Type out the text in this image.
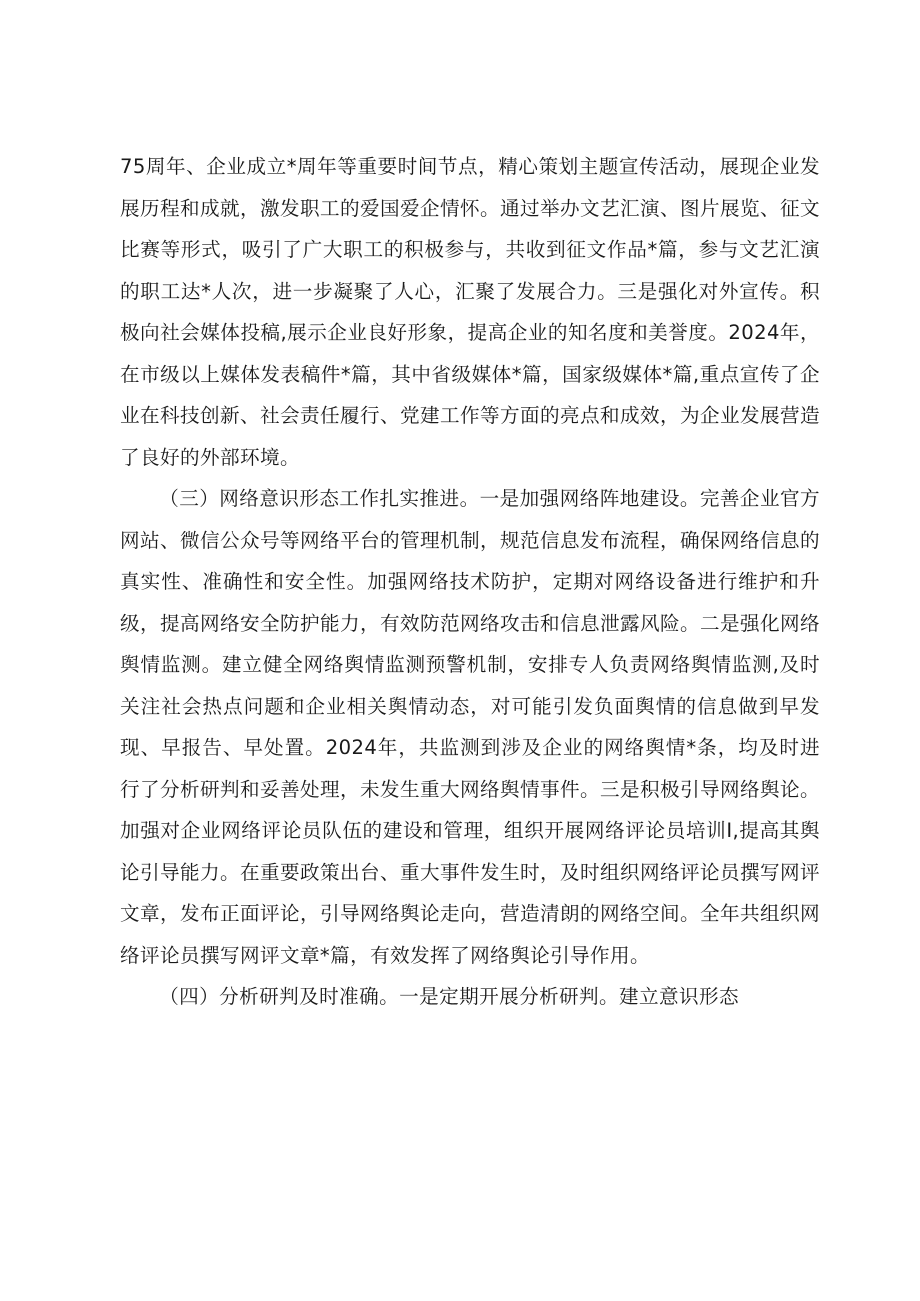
75周年、企业成立*周年等重要时间节点，精心策划主题宣传活动，展现企业发展历程和成就，激发职工的爱国爱企情怀。通过举办文艺汇演、图片展览、征文比赛等形式，吸引了广大职工的积极参与，共收到征文作品*篇，参与文艺汇演的职工达*人次，进一步凝聚了人心，汇聚了发展合力。三是强化对外宣传。积极向社会媒体投稿,展示企业良好形象，提高企业的知名度和美誉度。2024年，在市级以上媒体发表稿件*篇，其中省级媒体*篇，国家级媒体*篇,重点宣传了企业在科技创新、社会责任履行、党建工作等方面的亮点和成效，为企业发展营造了良好的外部环境。

（三）网络意识形态工作扎实推进。一是加强网络阵地建设。完善企业官方网站、微信公众号等网络平台的管理机制，规范信息发布流程，确保网络信息的真实性、准确性和安全性。加强网络技术防护，定期对网络设备进行维护和升级，提高网络安全防护能力，有效防范网络攻击和信息泄露风险。二是强化网络舆情监测。建立健全网络舆情监测预警机制，安排专人负责网络舆情监测,及时关注社会热点问题和企业相关舆情动态，对可能引发负面舆情的信息做到早发现、早报告、早处置。2024年，共监测到涉及企业的网络舆情*条，均及时进行了分析研判和妥善处理，未发生重大网络舆情事件。三是积极引导网络舆论。加强对企业网络评论员队伍的建设和管理，组织开展网络评论员培训I,提高其舆论引导能力。在重要政策出台、重大事件发生时，及时组织网络评论员撰写网评文章，发布正面评论，引导网络舆论走向，营造清朗的网络空间。全年共组织网络评论员撰写网评文章*篇，有效发挥了网络舆论引导作用。

（四）分析研判及时准确。一是定期开展分析研判。建立意识形态
